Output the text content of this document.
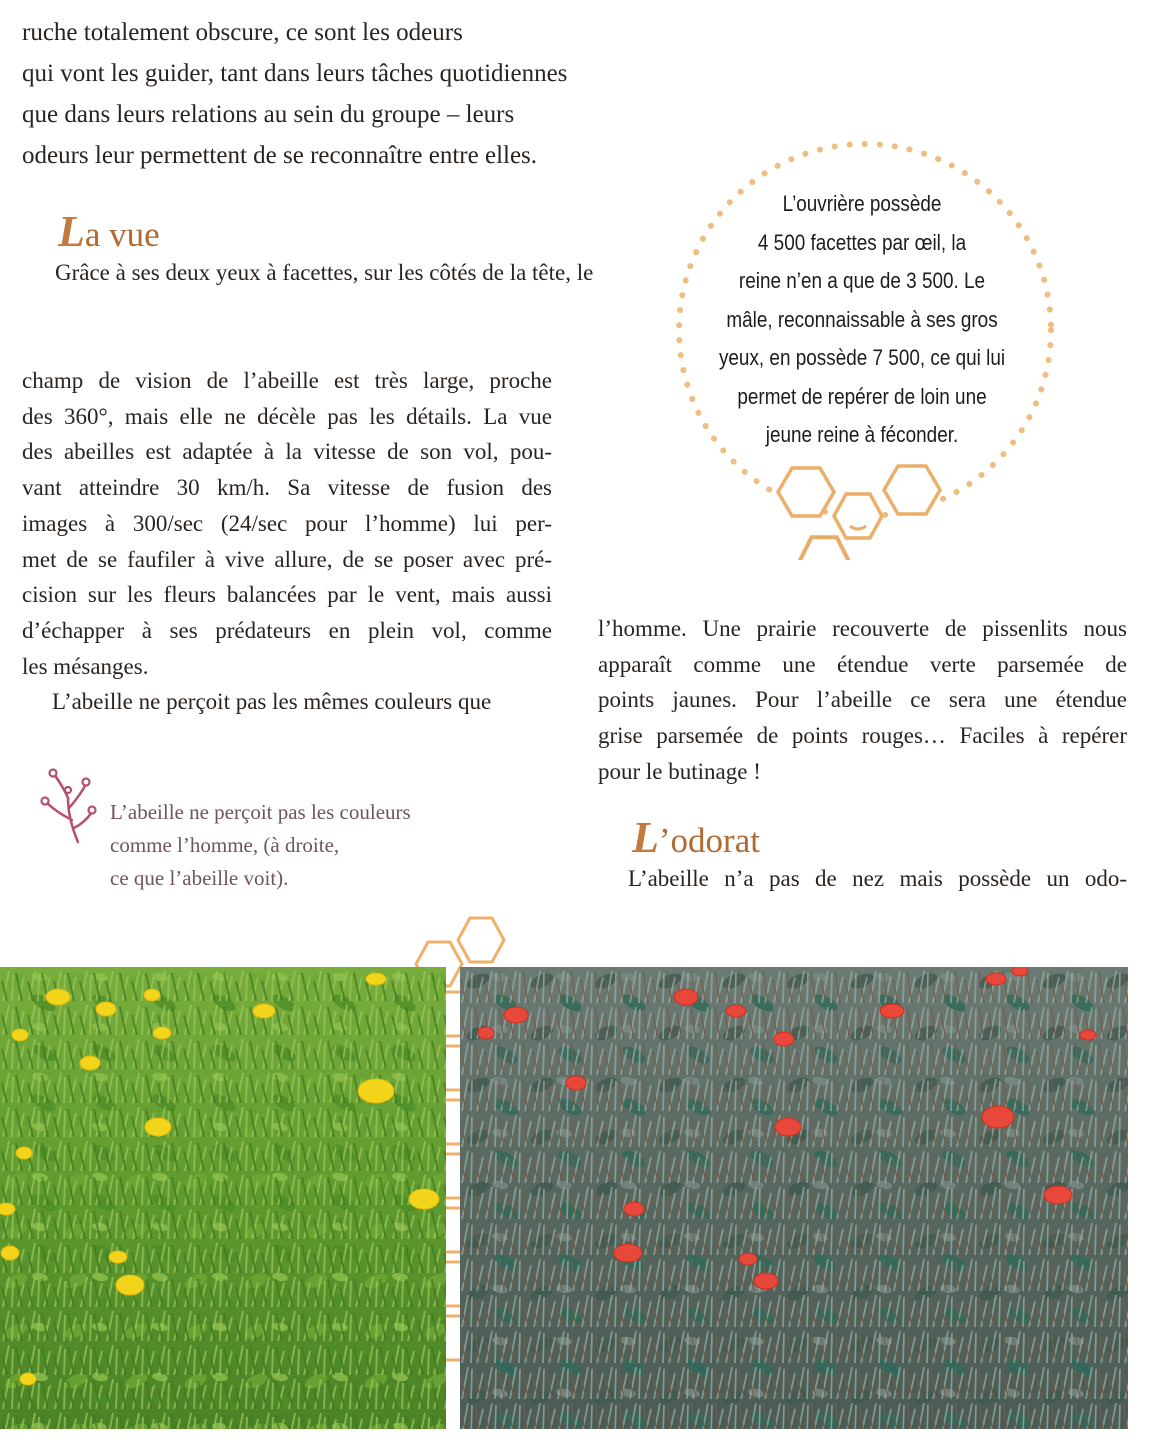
ruche totalement obscure, ce sont les odeurs
qui vont les guider, tant dans leurs tâches quotidiennes
que dans leurs relations au sein du groupe – leurs
odeurs leur permettent de se reconnaître entre elles.
La vue
Grâce à ses deux yeux à facettes, sur les côtés de la tête, le
champ de vision de l’abeille est très large, proche
des 360°, mais elle ne décèle pas les détails. La vue
des abeilles est adaptée à la vitesse de son vol, pou-
vant atteindre 30 km/h. Sa vitesse de fusion des
images à 300/sec (24/sec pour l’homme) lui per-
met de se faufiler à vive allure, de se poser avec pré-
cision sur les fleurs balancées par le vent, mais aussi
d’échapper à ses prédateurs en plein vol, comme
les mésanges.
L’abeille ne perçoit pas les mêmes couleurs que
l’homme. Une prairie recouverte de pissenlits nous
apparaît comme une étendue verte parsemée de
points jaunes. Pour l’abeille ce sera une étendue
grise parsemée de points rouges… Faciles à repérer
pour le butinage !
L’ouvrière possède
4 500 facettes par œil, la
reine n’en a que de 3 500. Le
mâle, reconnaissable à ses gros
yeux, en possède 7 500, ce qui lui
permet de repérer de loin une
jeune reine à féconder.
L’abeille ne perçoit pas les couleurs
comme l’homme, (à droite,
ce que l’abeille voit).
L’odorat
L’abeille n’a pas de nez mais possède un odo-
